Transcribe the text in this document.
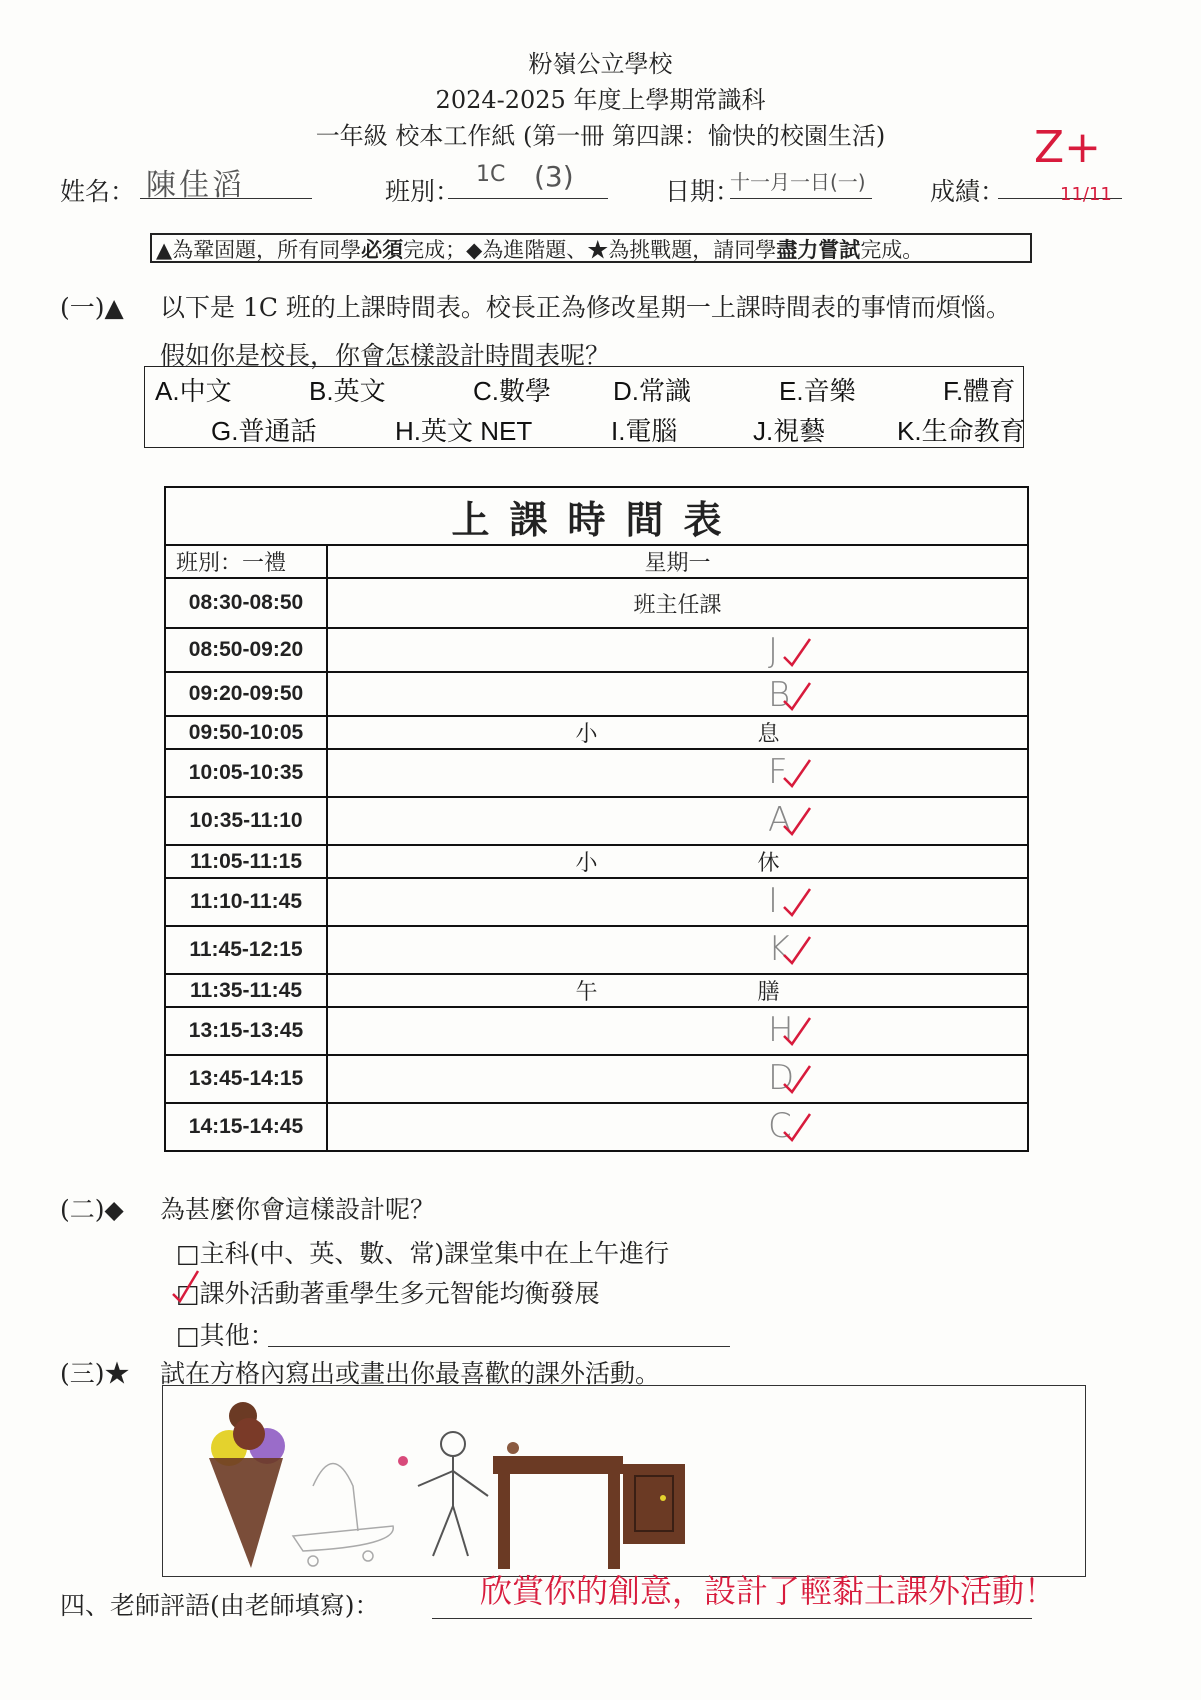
粉嶺公立學校
2024-2025 年度上學期常識科
一年級 校本工作紙 (第一冊 第四課：愉快的校園生活)
姓名： 陳佳滔	班別：
1C (3)	日期：
十一月一日(一)	成績：
Z+
11/11
▲為鞏固題，所有同學必須完成；◆為進階題、★為挑戰題，請同學盡力嘗試完成。
(一)▲ 以下是 1C 班的上課時間表。校長正為修改星期一上課時間表的事情而煩惱。
假如你是校長，你會怎樣設計時間表呢？
A.中文	B.英文	C.數學 D.常識	E.音樂	F.體育
G.普通話	H.英文 NET	I.電腦	J.視藝	K.生命教育
上課時間表	
班別：一禮	星期一
08:30-08:50	班主任課
08:50-09:20	J

09:20-09:50	B

09:50-10:05	小 息
10:05-10:35	F

10:35-11:10	A

11:05-11:15	小 休
11:10-11:45	I

11:45-12:15	K

11:35-11:45	午 膳
13:15-13:45	H

13:45-14:15	D

14:15-14:45	C
(二)◆ 為甚麼你會這樣設計呢？
□主科(中、英、數、常)課堂集中在上午進行
□課外活動著重學生多元智能均衡發展
□其他：
(三)★ 試在方格內寫出或畫出你最喜歡的課外活動。
四、老師評語(由老師填寫)：	欣賞你的創意，設計了輕黏土課外活動！
